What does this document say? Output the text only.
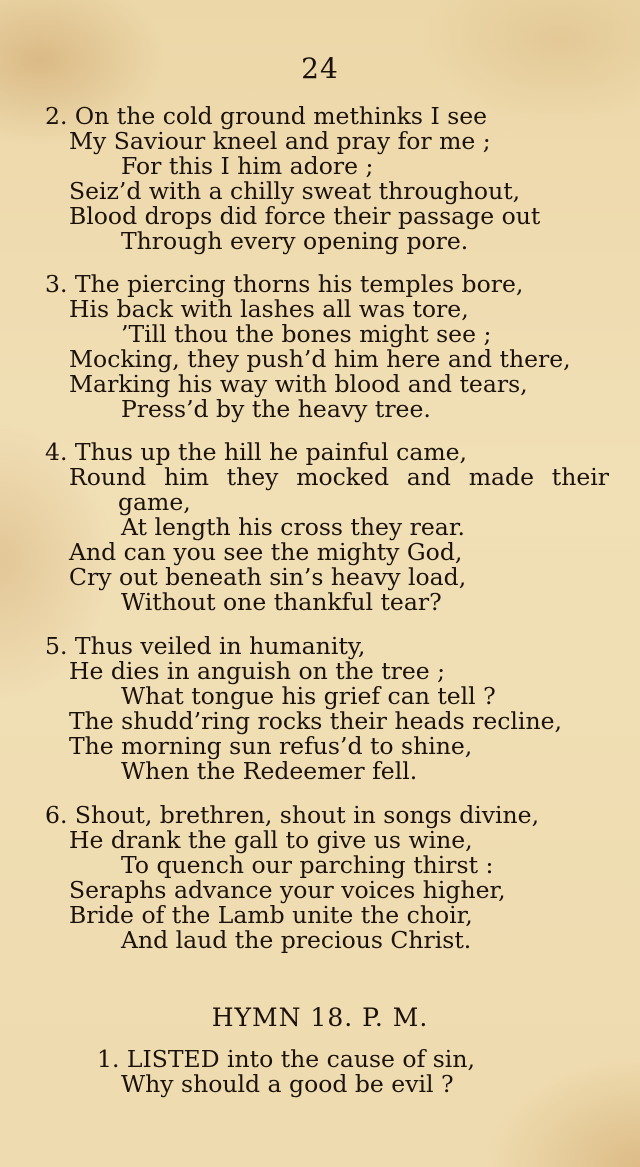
24
2. On the cold ground methinks I see
My Saviour kneel and pray for me ;
For this I him adore ;
Seiz’d with a chilly sweat throughout,
Blood drops did force their passage out
Through every opening pore.
3. The piercing thorns his temples bore,
His back with lashes all was tore,
’Till thou the bones might see ;
Mocking, they push’d him here and there,
Marking his way with blood and tears,
Press’d by the heavy tree.
4. Thus up the hill he painful came,
Round him they mocked and made their
game,
At length his cross they rear.
And can you see the mighty God,
Cry out beneath sin’s heavy load,
Without one thankful tear?
5. Thus veiled in humanity,
He dies in anguish on the tree ;
What tongue his grief can tell ?
The shudd’ring rocks their heads recline,
The morning sun refus’d to shine,
When the Redeemer fell.
6. Shout, brethren, shout in songs divine,
He drank the gall to give us wine,
To quench our parching thirst :
Seraphs advance your voices higher,
Bride of the Lamb unite the choir,
And laud the precious Christ.
HYMN 18. P. M.
1. LISTED into the cause of sin,
Why should a good be evil ?
